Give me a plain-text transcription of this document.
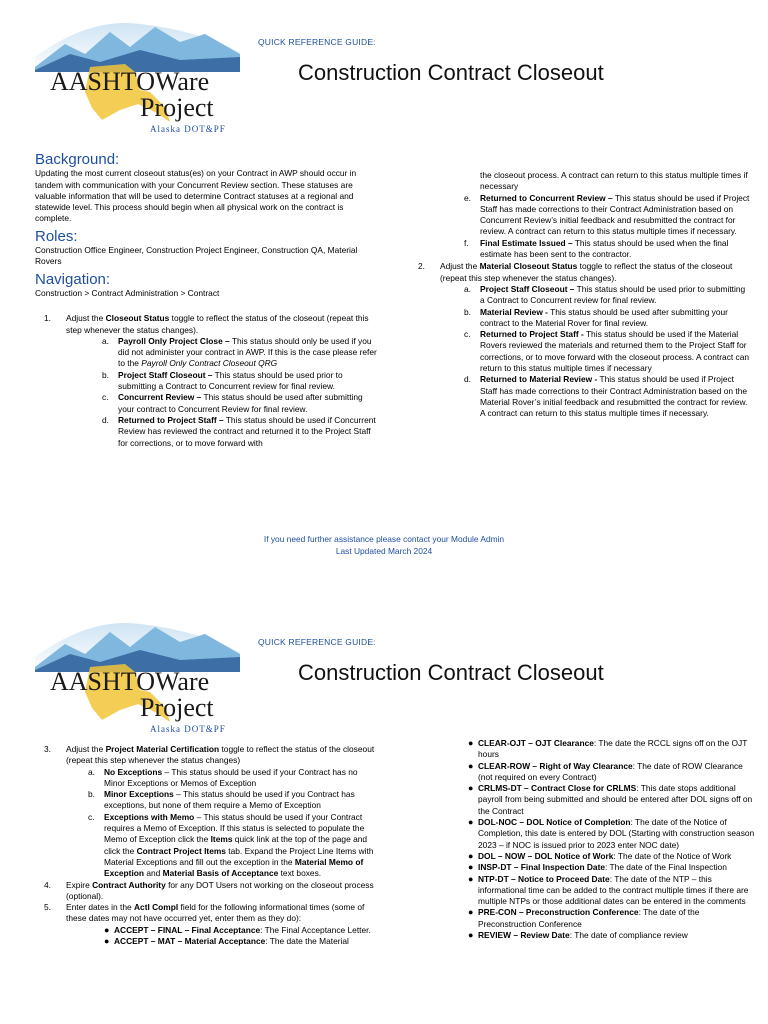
AASHTOWare
Project
Alaska DOT&PF
QUICK REFERENCE GUIDE:
Construction Contract Closeout
Background:

Updating the most current closeout status(es) on your Contract in AWP should occur in tandem with communication with your Concurrent Review section. These statuses are valuable information that will be used to determine Contract statuses at a regional and statewide level. This process should begin when all physical work on the contract is complete.

Roles:

Construction Office Engineer, Construction Project Engineer, Construction QA, Material Rovers

Navigation:

Construction > Contract Administration > Contract

1. Adjust the Closeout Status toggle to reflect the status of the closeout (repeat this step whenever the status changes).
a. Payroll Only Project Close – This status should only be used if you did not administer your contract in AWP. If this is the case please refer to the Payroll Only Contract Closeout QRG
b. Project Staff Closeout – This status should be used prior to submitting a Contract to Concurrent review for final review.
c. Concurrent Review – This status should be used after submitting your contract to Concurrent Review for final review.
d. Returned to Project Staff – This status should be used if Concurrent Review has reviewed the contract and returned it to the Project Staff for corrections, or to move forward with
the closeout process. A contract can return to this status multiple times if necessary
e. Returned to Concurrent Review – This status should be used if Project Staff has made corrections to their Contract Administration based on Concurrent Review’s initial feedback and resubmitted the contract for review. A contract can return to this status multiple times if necessary.
f. Final Estimate Issued – This status should be used when the final estimate has been sent to the contractor.
2. Adjust the Material Closeout Status toggle to reflect the status of the closeout (repeat this step whenever the status changes).
a. Project Staff Closeout – This status should be used prior to submitting a Contract to Concurrent review for final review.
b. Material Review - This status should be used after submitting your contract to the Material Rover for final review.
c. Returned to Project Staff - This status should be used if the Material Rovers reviewed the materials and returned them to the Project Staff for corrections, or to move forward with the closeout process. A contract can return to this status multiple times if necessary
d. Returned to Material Review - This status should be used if Project Staff has made corrections to their Contract Administration based on the Material Rover’s initial feedback and resubmitted the contract for review. A contract can return to this status multiple times if necessary.
If you need further assistance please contact your Module Admin
Last Updated March 2024
AASHTOWare
Project
Alaska DOT&PF
QUICK REFERENCE GUIDE:
Construction Contract Closeout
3. Adjust the Project Material Certification toggle to reflect the status of the closeout (repeat this step whenever the status changes)
a. No Exceptions – This status should be used if your Contract has no Minor Exceptions or Memos of Exception
b. Minor Exceptions – This status should be used if you Contract has exceptions, but none of them require a Memo of Exception
c. Exceptions with Memo – This status should be used if your Contract requires a Memo of Exception. If this status is selected to populate the Memo of Exception click the Items quick link at the top of the page and click the Contract Project Items tab. Expand the Project Line Items with Material Exceptions and fill out the exception in the Material Memo of Exception and Material Basis of Acceptance text boxes.
4. Expire Contract Authority for any DOT Users not working on the closeout process (optional).
5. Enter dates in the Actl Compl field for the following informational times (some of these dates may not have occurred yet, enter them as they do):
● ACCEPT – FINAL – Final Acceptance: The Final Acceptance Letter.
● ACCEPT – MAT – Material Acceptance: The date the Material
● CLEAR-OJT – OJT Clearance: The date the RCCL signs off on the OJT hours
● CLEAR-ROW – Right of Way Clearance: The date of ROW Clearance (not required on every Contract)
● CRLMS-DT – Contract Close for CRLMS: This date stops additional payroll from being submitted and should be entered after DOL signs off on the Contract
● DOL-NOC – DOL Notice of Completion: The date of the Notice of Completion, this date is entered by DOL (Starting with construction season 2023 – if NOC is issued prior to 2023 enter NOC date)
● DOL – NOW – DOL Notice of Work: The date of the Notice of Work
● INSP-DT – Final Inspection Date: The date of the Final Inspection
● NTP-DT – Notice to Proceed Date: The date of the NTP – this informational time can be added to the contract multiple times if there are multiple NTPs or those additional dates can be entered in the comments
● PRE-CON – Preconstruction Conference: The date of the Preconstruction Conference
● REVIEW – Review Date: The date of compliance review
